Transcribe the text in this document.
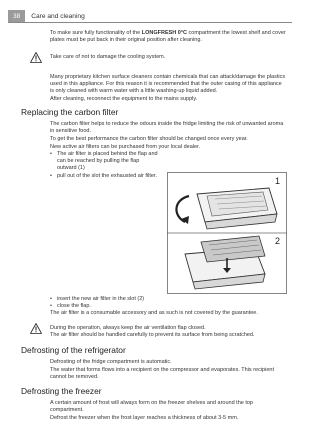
38	Care and cleaning
To make sure fully functionality of the LONGFRESH 0°C compartment the lowest shelf and cover plates must be put back in their original position after cleaning.
Take care of not to damage the cooling system.
Many proprietary kitchen surface cleaners contain chemicals that can attack/damage the plastics used in this appliance. For this reason it is recommended that the outer casing of this appliance is only cleaned with warm water with a little washing-up liquid added.
After cleaning, reconnect the equipment to the mains supply.
Replacing the carbon filter
The carbon filter helps to reduce the odours inside the fridge limiting the risk of unwanted aroma in sensitive food.
To get the best performance the carbon filter should be changed once every year.
New active air filters can be purchased from your local dealer.
• The air filter is placed behind the flap and can be reached by pulling the flap outward (1)
• pull out of the slot the exhausted air filter.
1
2
• insert the new air filter in the slot (2)
• close the flap.
The air filter is a consumable accessory and as such is not covered by the guarantee.
During the operation, always keep the air ventilation flap closed.
The air filter should be handled carefully to prevent its surface from being scratched.
Defrosting of the refrigerator
Defrosting of the fridge compartment is automatic.
The water that forms flows into a recipient on the compressor and evaporates. This recipient cannot be removed.
Defrosting the freezer
A certain amount of frost will always form on the freezer shelves and around the top compartment.
Defrost the freezer when the frost layer reaches a thickness of about 3-5 mm.
